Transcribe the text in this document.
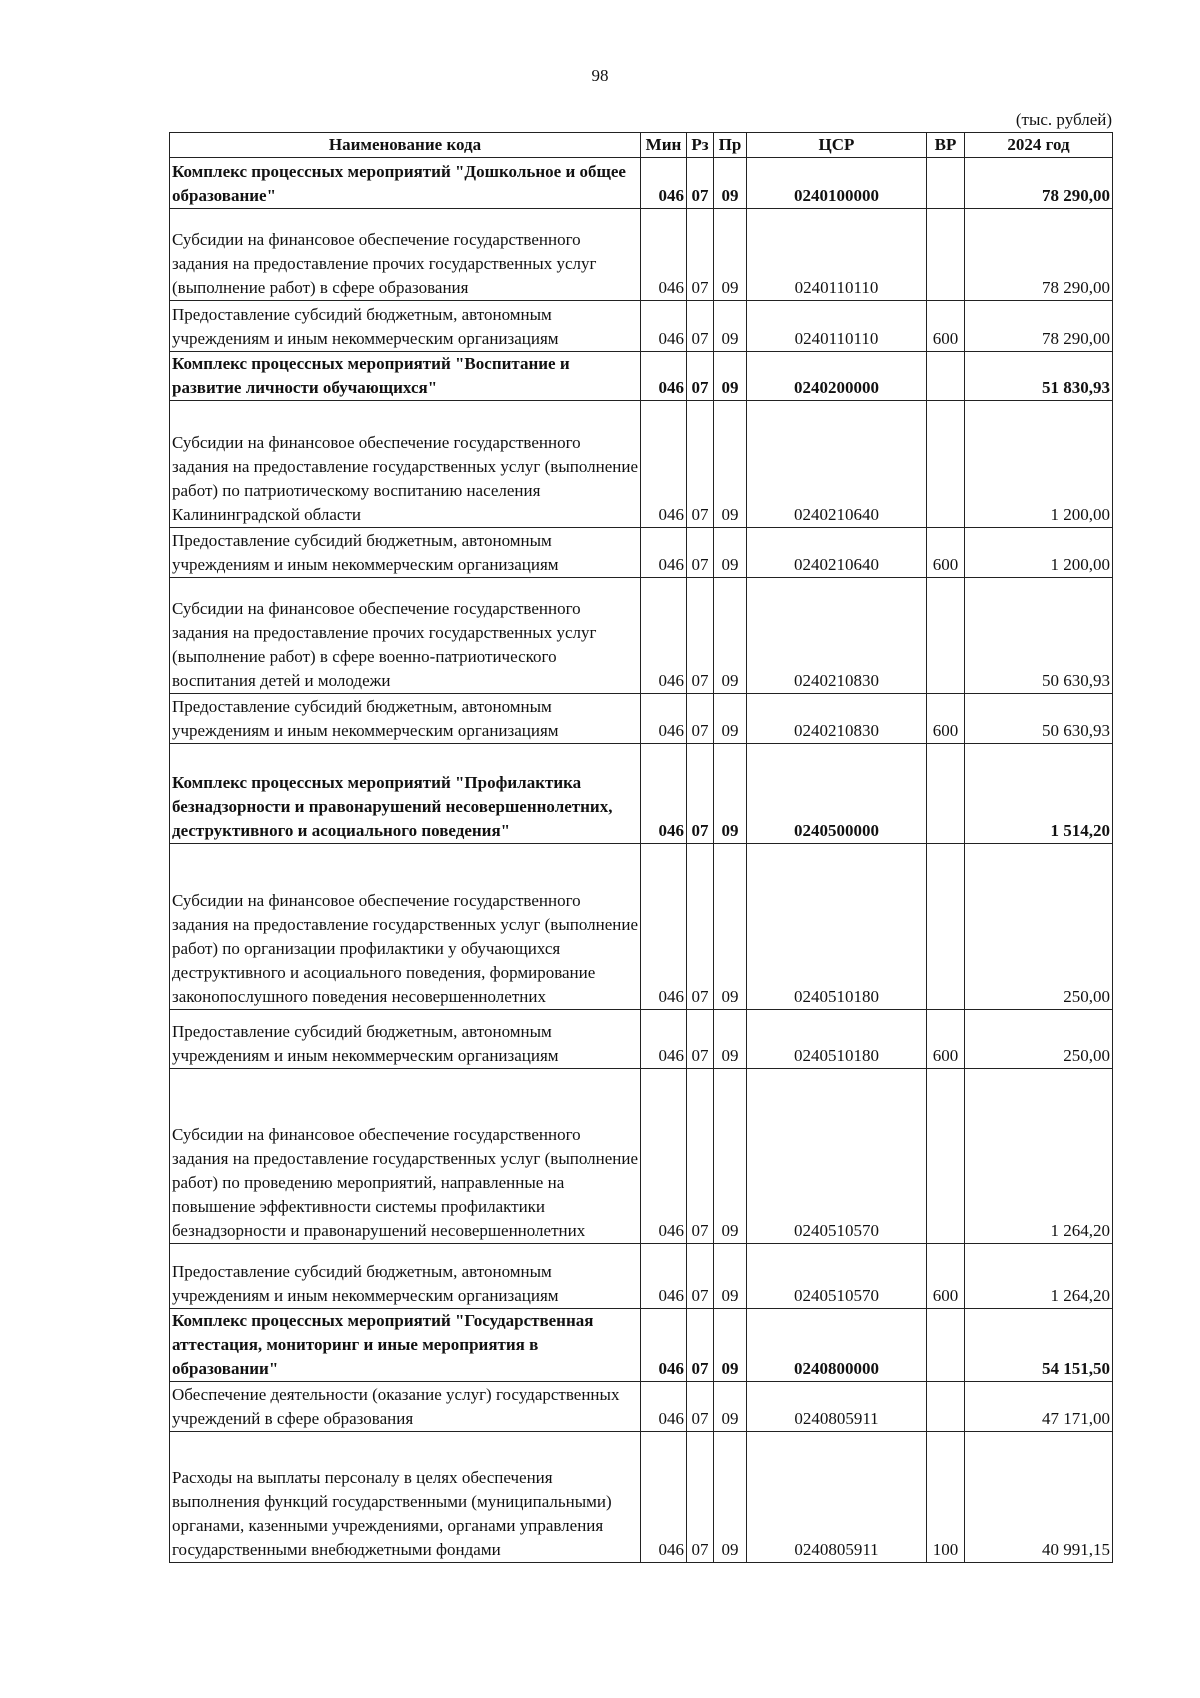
98
(тыс. рублей)
Наименование кода	Мин	Рз	Пр	ЦСР	ВР	2024 год
Комплекс процессных мероприятий "Дошкольное и общее образование"	046	07	09	0240100000		78 290,00
Субсидии на финансовое обеспечение государственного задания на предоставление прочих государственных услуг (выполнение работ) в сфере образования	046	07	09	0240110110		78 290,00
Предоставление субсидий бюджетным, автономным учреждениям и иным некоммерческим организациям	046	07	09	0240110110	600	78 290,00
Комплекс процессных мероприятий "Воспитание и развитие личности обучающихся"	046	07	09	0240200000		51 830,93
Субсидии на финансовое обеспечение государственного задания на предоставление государственных услуг (выполнение работ) по патриотическому воспитанию населения Калининградской области	046	07	09	0240210640		1 200,00
Предоставление субсидий бюджетным, автономным учреждениям и иным некоммерческим организациям	046	07	09	0240210640	600	1 200,00
Субсидии на финансовое обеспечение государственного задания на предоставление прочих государственных услуг (выполнение работ) в сфере военно-патриотического воспитания детей и молодежи	046	07	09	0240210830		50 630,93
Предоставление субсидий бюджетным, автономным учреждениям и иным некоммерческим организациям	046	07	09	0240210830	600	50 630,93
Комплекс процессных мероприятий "Профилактика безнадзорности и правонарушений несовершеннолетних, деструктивного и асоциального поведения"	046	07	09	0240500000		1 514,20
Субсидии на финансовое обеспечение государственного задания на предоставление государственных услуг (выполнение работ) по организации профилактики у обучающихся деструктивного и асоциального поведения, формирование законопослушного поведения несовершеннолетних	046	07	09	0240510180		250,00
Предоставление субсидий бюджетным, автономным учреждениям и иным некоммерческим организациям	046	07	09	0240510180	600	250,00
Субсидии на финансовое обеспечение государственного задания на предоставление государственных услуг (выполнение работ) по проведению мероприятий, направленные на повышение эффективности системы профилактики безнадзорности и правонарушений несовершеннолетних	046	07	09	0240510570		1 264,20
Предоставление субсидий бюджетным, автономным учреждениям и иным некоммерческим организациям	046	07	09	0240510570	600	1 264,20
Комплекс процессных мероприятий "Государственная аттестация, мониторинг и иные мероприятия в образовании"	046	07	09	0240800000		54 151,50
Обеспечение деятельности (оказание услуг) государственных учреждений в сфере образования	046	07	09	0240805911		47 171,00
Расходы на выплаты персоналу в целях обеспечения выполнения функций государственными (муниципальными) органами, казенными учреждениями, органами управления государственными внебюджетными фондами	046	07	09	0240805911	100	40 991,15
